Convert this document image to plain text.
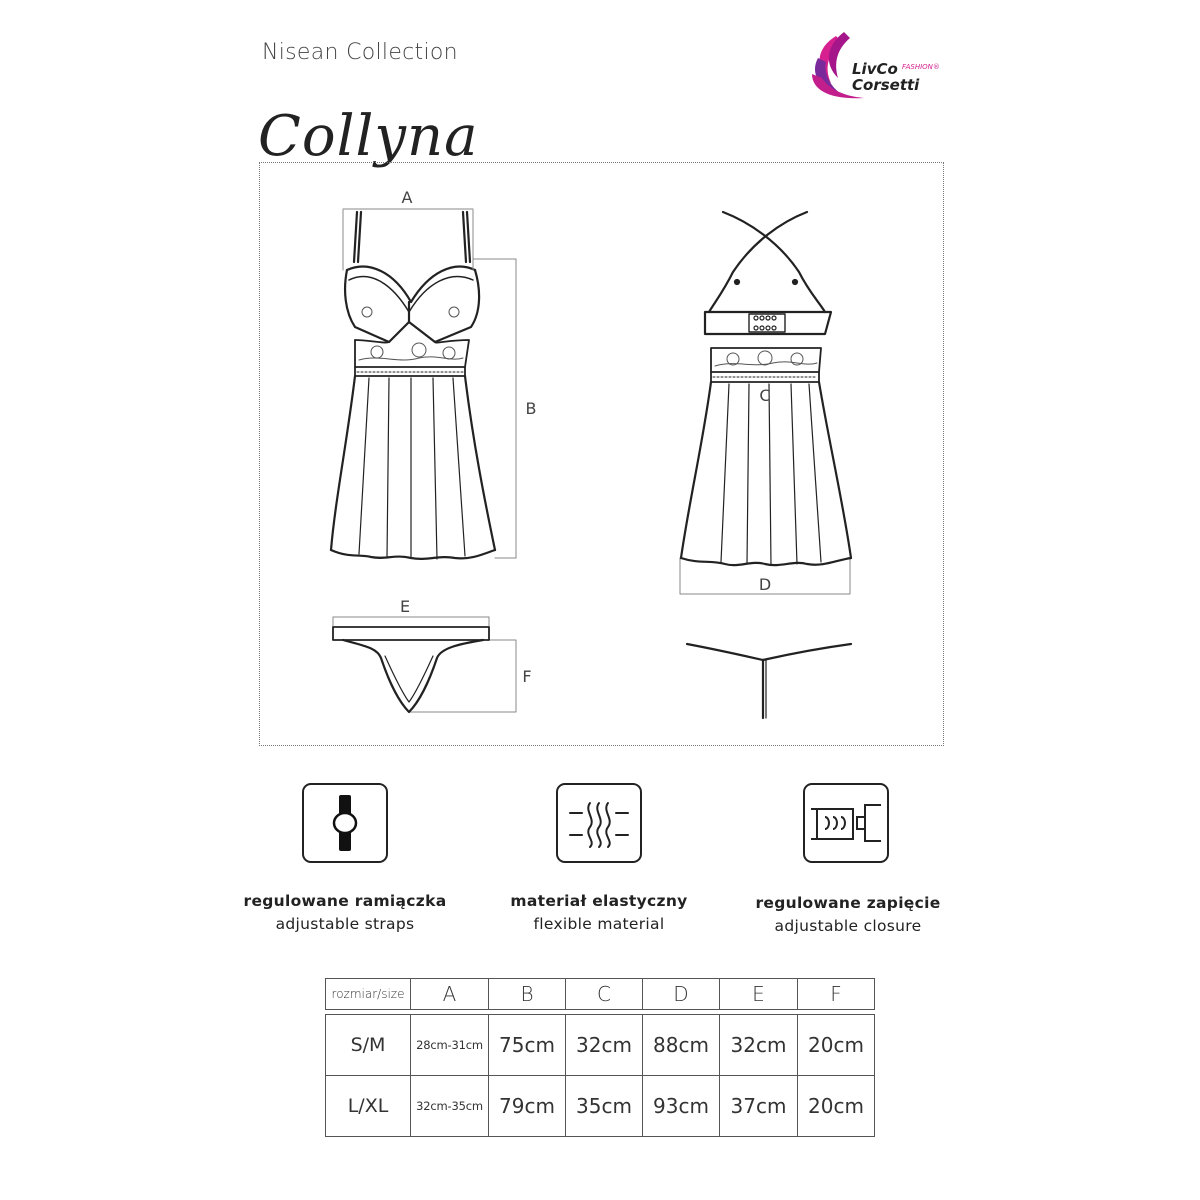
Nisean Collection
Collyna
LivCo FASHION®
Corsetti
A
B
C
D
E
F
regulowane ramiączka
adjustable straps
materiał elastyczny
flexible material
regulowane zapięcie
adjustable closure
rozmiar/size	A	B	C	D	E	F

S/M	28cm-31cm	75cm	32cm	88cm	32cm	20cm
L/XL	32cm-35cm	79cm	35cm	93cm	37cm	20cm
